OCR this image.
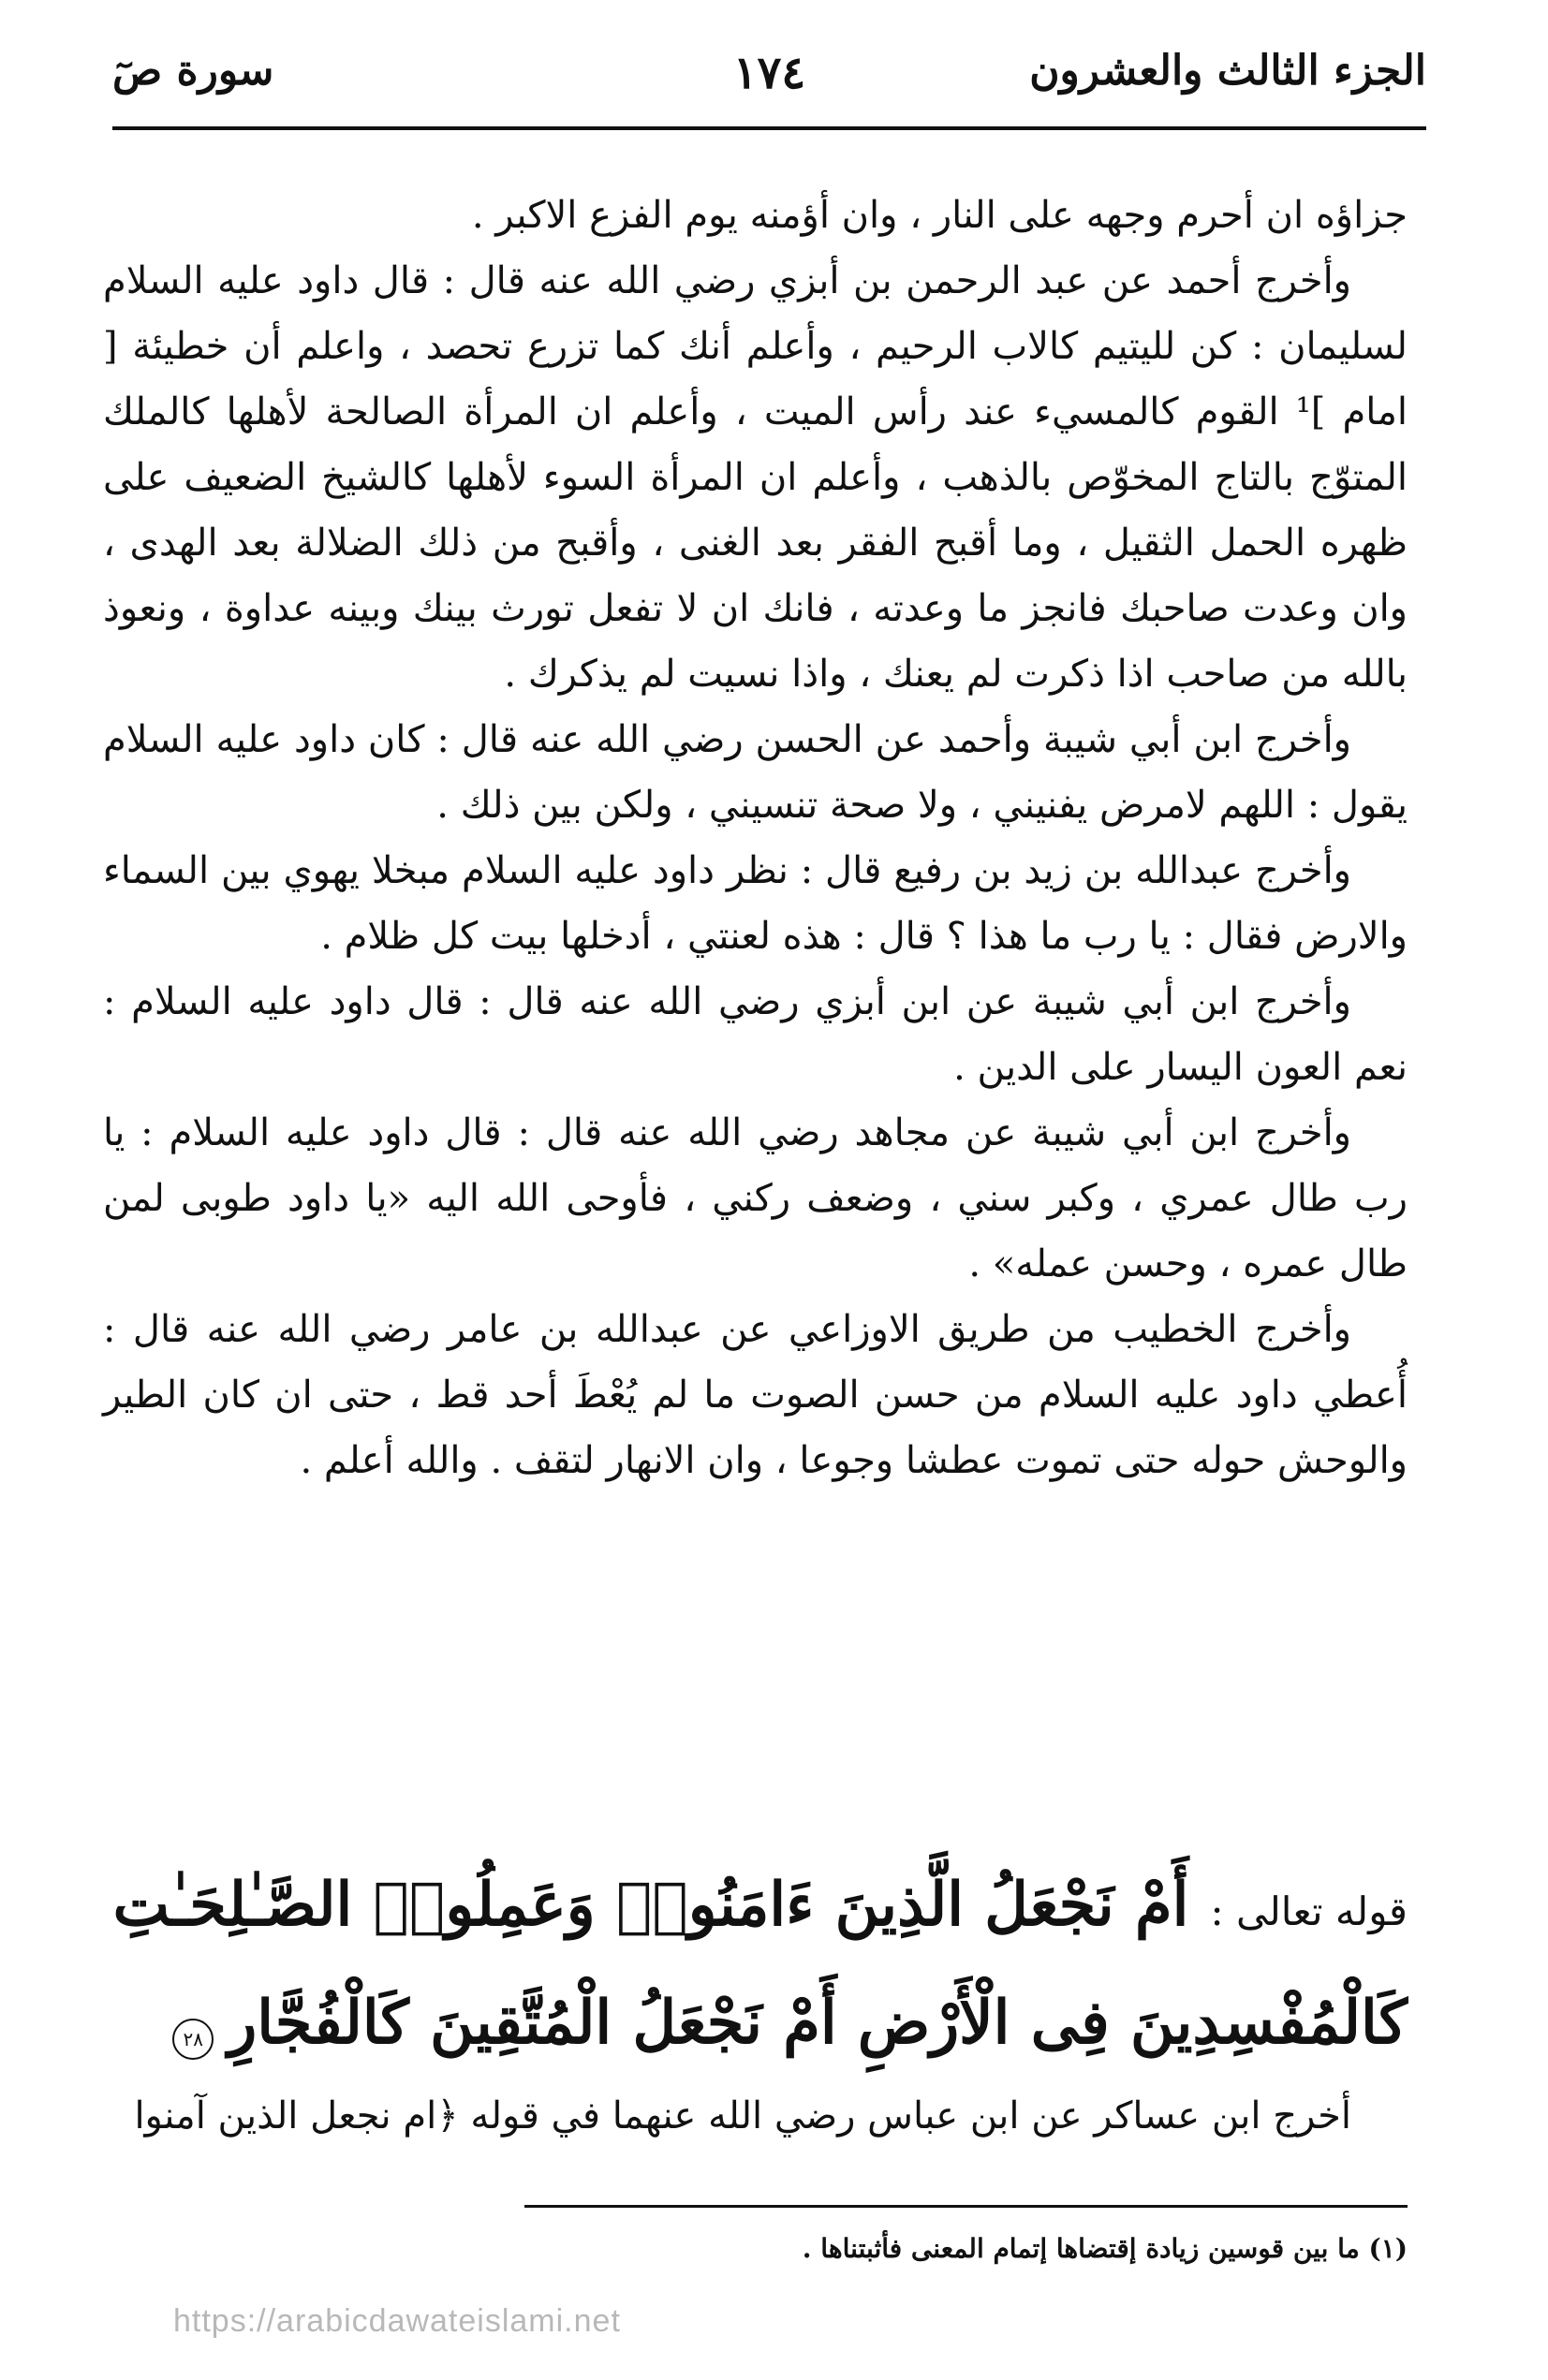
الجزء الثالث والعشرون
١٧٤
سورة صٓ

جزاؤه ان أحرم وجهه على النار ، وان أؤمنه يوم الفزع الاكبر .

وأخرج أحمد عن عبد الرحمن بن أبزي رضي الله عنه قال : قال داود عليه السلام لسليمان : كن لليتيم كالاب الرحيم ، وأعلم أنك كما تزرع تحصد ، واعلم أن خطيئة [ امام ]¹ القوم كالمسيء عند رأس الميت ، وأعلم ان المرأة الصالحة لأهلها كالملك المتوّج بالتاج المخوّص بالذهب ، وأعلم ان المرأة السوء لأهلها كالشيخ الضعيف على ظهره الحمل الثقيل ، وما أقبح الفقر بعد الغنى ، وأقبح من ذلك الضلالة بعد الهدى ، وان وعدت صاحبك فانجز ما وعدته ، فانك ان لا تفعل تورث بينك وبينه عداوة ، ونعوذ بالله من صاحب اذا ذكرت لم يعنك ، واذا نسيت لم يذكرك .

وأخرج ابن أبي شيبة وأحمد عن الحسن رضي الله عنه قال : كان داود عليه السلام يقول : اللهم لامرض يفنيني ، ولا صحة تنسيني ، ولكن بين ذلك .

وأخرج عبدالله بن زيد بن رفيع قال : نظر داود عليه السلام مبخلا يهوي بين السماء والارض فقال : يا رب ما هذا ؟ قال : هذه لعنتي ، أدخلها بيت كل ظلام .

وأخرج ابن أبي شيبة عن ابن أبزي رضي الله عنه قال : قال داود عليه السلام : نعم العون اليسار على الدين .

وأخرج ابن أبي شيبة عن مجاهد رضي الله عنه قال : قال داود عليه السلام : يا رب طال عمري ، وكبر سني ، وضعف ركني ، فأوحى الله اليه «يا داود طوبى لمن طال عمره ، وحسن عمله» .

وأخرج الخطيب من طريق الاوزاعي عن عبدالله بن عامر رضي الله عنه قال : أُعطي داود عليه السلام من حسن الصوت ما لم يُعْطَ أحد قط ، حتى ان كان الطير والوحش حوله حتى تموت عطشا وجوعا ، وان الانهار لتقف . والله أعلم .

قوله تعالى : أَمْ نَجْعَلُ الَّذِينَ ءَامَنُوا۟ وَعَمِلُوا۟ الصَّـٰلِحَـٰتِ كَالْمُفْسِدِينَ فِى الْأَرْضِ أَمْ نَجْعَلُ الْمُتَّقِينَ كَالْفُجَّارِ ٢٨
أخرج ابن عساكر عن ابن عباس رضي الله عنهما في قوله ﴿ام نجعل الذين آمنوا
(١) ما بين قوسين زيادة إقتضاها إتمام المعنى فأثبتناها .
https://arabicdawateislami.net
